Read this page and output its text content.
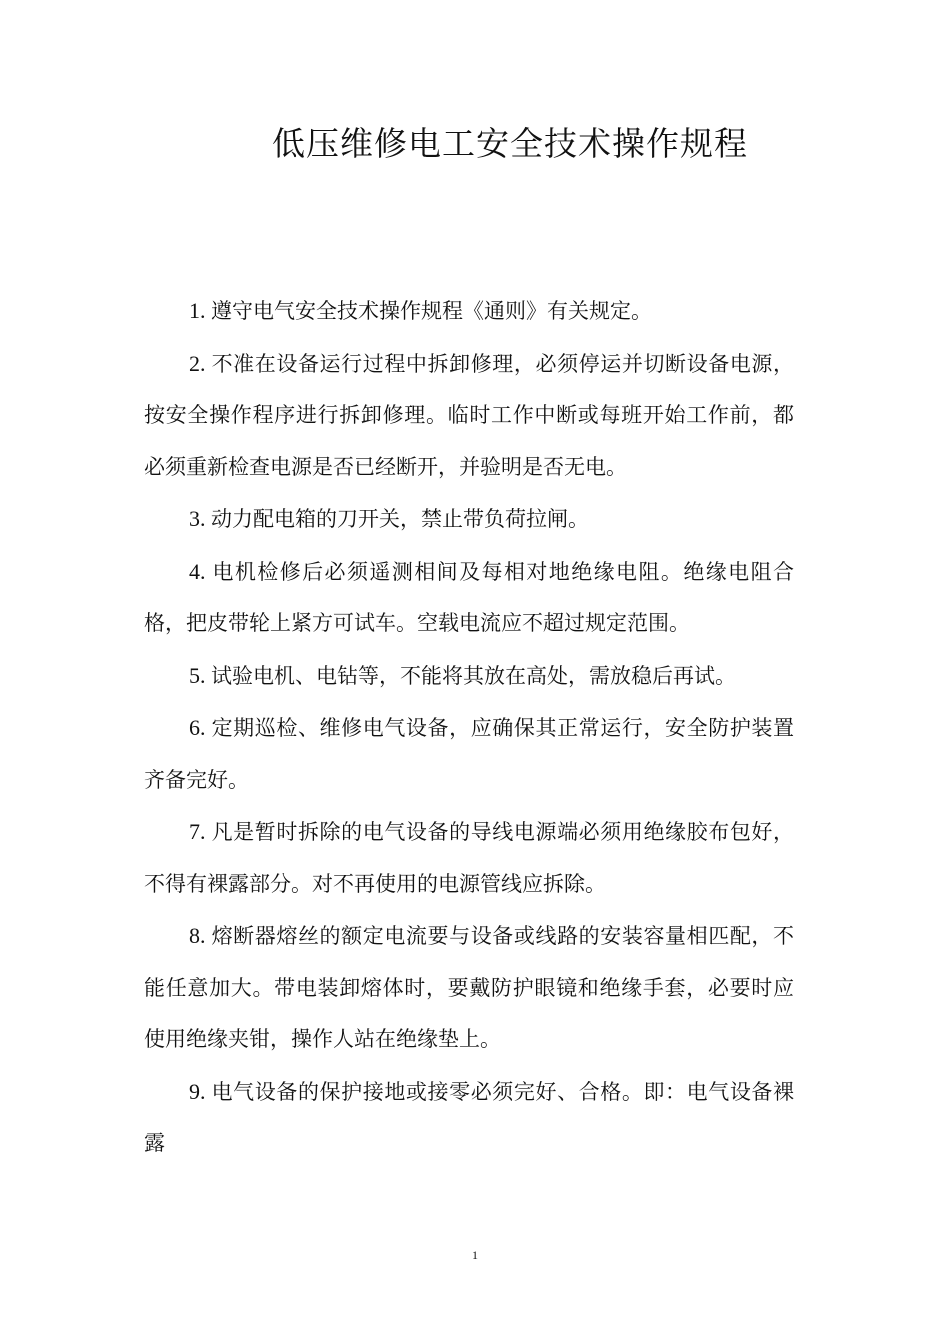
低压维修电工安全技术操作规程

1. 遵守电气安全技术操作规程《通则》有关规定。

2. 不准在设备运行过程中拆卸修理，必须停运并切断设备电源，按安全操作程序进行拆卸修理。临时工作中断或每班开始工作前，都必须重新检查电源是否已经断开，并验明是否无电。

3. 动力配电箱的刀开关，禁止带负荷拉闸。

4. 电机检修后必须遥测相间及每相对地绝缘电阻。绝缘电阻合格，把皮带轮上紧方可试车。空载电流应不超过规定范围。

5. 试验电机、电钻等，不能将其放在高处，需放稳后再试。

6. 定期巡检、维修电气设备，应确保其正常运行，安全防护装置齐备完好。

7. 凡是暂时拆除的电气设备的导线电源端必须用绝缘胶布包好，不得有裸露部分。对不再使用的电源管线应拆除。

8. 熔断器熔丝的额定电流要与设备或线路的安装容量相匹配，不能任意加大。带电装卸熔体时，要戴防护眼镜和绝缘手套，必要时应使用绝缘夹钳，操作人站在绝缘垫上。

9. 电气设备的保护接地或接零必须完好、合格。即：电气设备裸露

1
